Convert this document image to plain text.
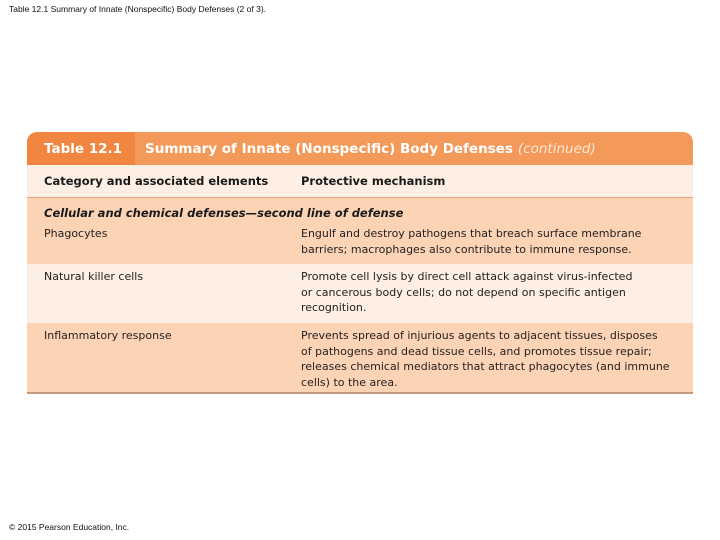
Table 12.1 Summary of Innate (Nonspecific) Body Defenses (2 of 3).
Table 12.1	Summary of Innate (Nonspecific) Body Defenses (continued)
Category and associated elements	Protective mechanism
Cellular and chemical defenses—second line of defense
Phagocytes	Engulf and destroy pathogens that breach surface membrane
barriers; macrophages also contribute to immune response.
Natural killer cells	Promote cell lysis by direct cell attack against virus-infected
or cancerous body cells; do not depend on specific antigen
recognition.
Inflammatory response	Prevents spread of injurious agents to adjacent tissues, disposes
of pathogens and dead tissue cells, and promotes tissue repair;
releases chemical mediators that attract phagocytes (and immune
cells) to the area.
© 2015 Pearson Education, Inc.
